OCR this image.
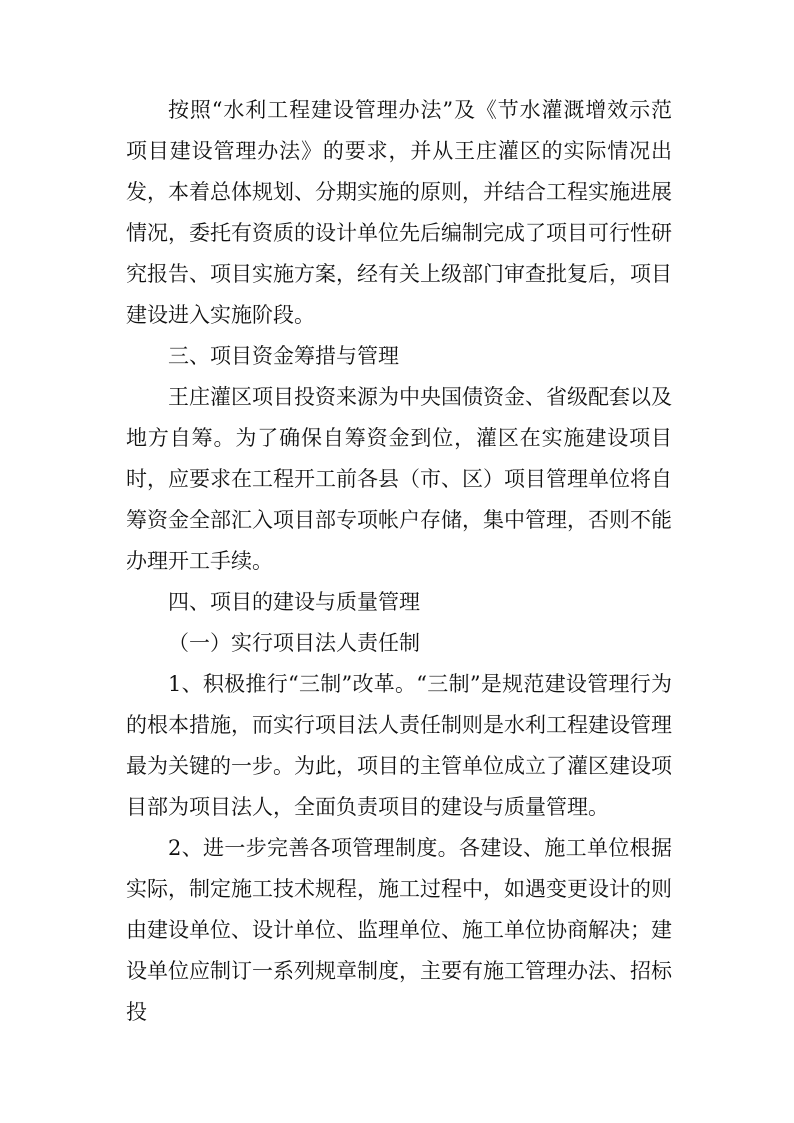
按照“水利工程建设管理办法”及《节水灌溉增效示范项目建设管理办法》的要求，并从王庄灌区的实际情况出发，本着总体规划、分期实施的原则，并结合工程实施进展情况，委托有资质的设计单位先后编制完成了项目可行性研究报告、项目实施方案，经有关上级部门审查批复后，项目建设进入实施阶段。

三、项目资金筹措与管理

王庄灌区项目投资来源为中央国债资金、省级配套以及地方自筹。为了确保自筹资金到位，灌区在实施建设项目时，应要求在工程开工前各县（市、区）项目管理单位将自筹资金全部汇入项目部专项帐户存储，集中管理，否则不能办理开工手续。

四、项目的建设与质量管理

（一）实行项目法人责任制

1、积极推行“三制”改革。“三制”是规范建设管理行为的根本措施，而实行项目法人责任制则是水利工程建设管理最为关键的一步。为此，项目的主管单位成立了灌区建设项目部为项目法人，全面负责项目的建设与质量管理。

2、进一步完善各项管理制度。各建设、施工单位根据实际，制定施工技术规程，施工过程中，如遇变更设计的则由建设单位、设计单位、监理单位、施工单位协商解决；建设单位应制订一系列规章制度，主要有施工管理办法、招标投
